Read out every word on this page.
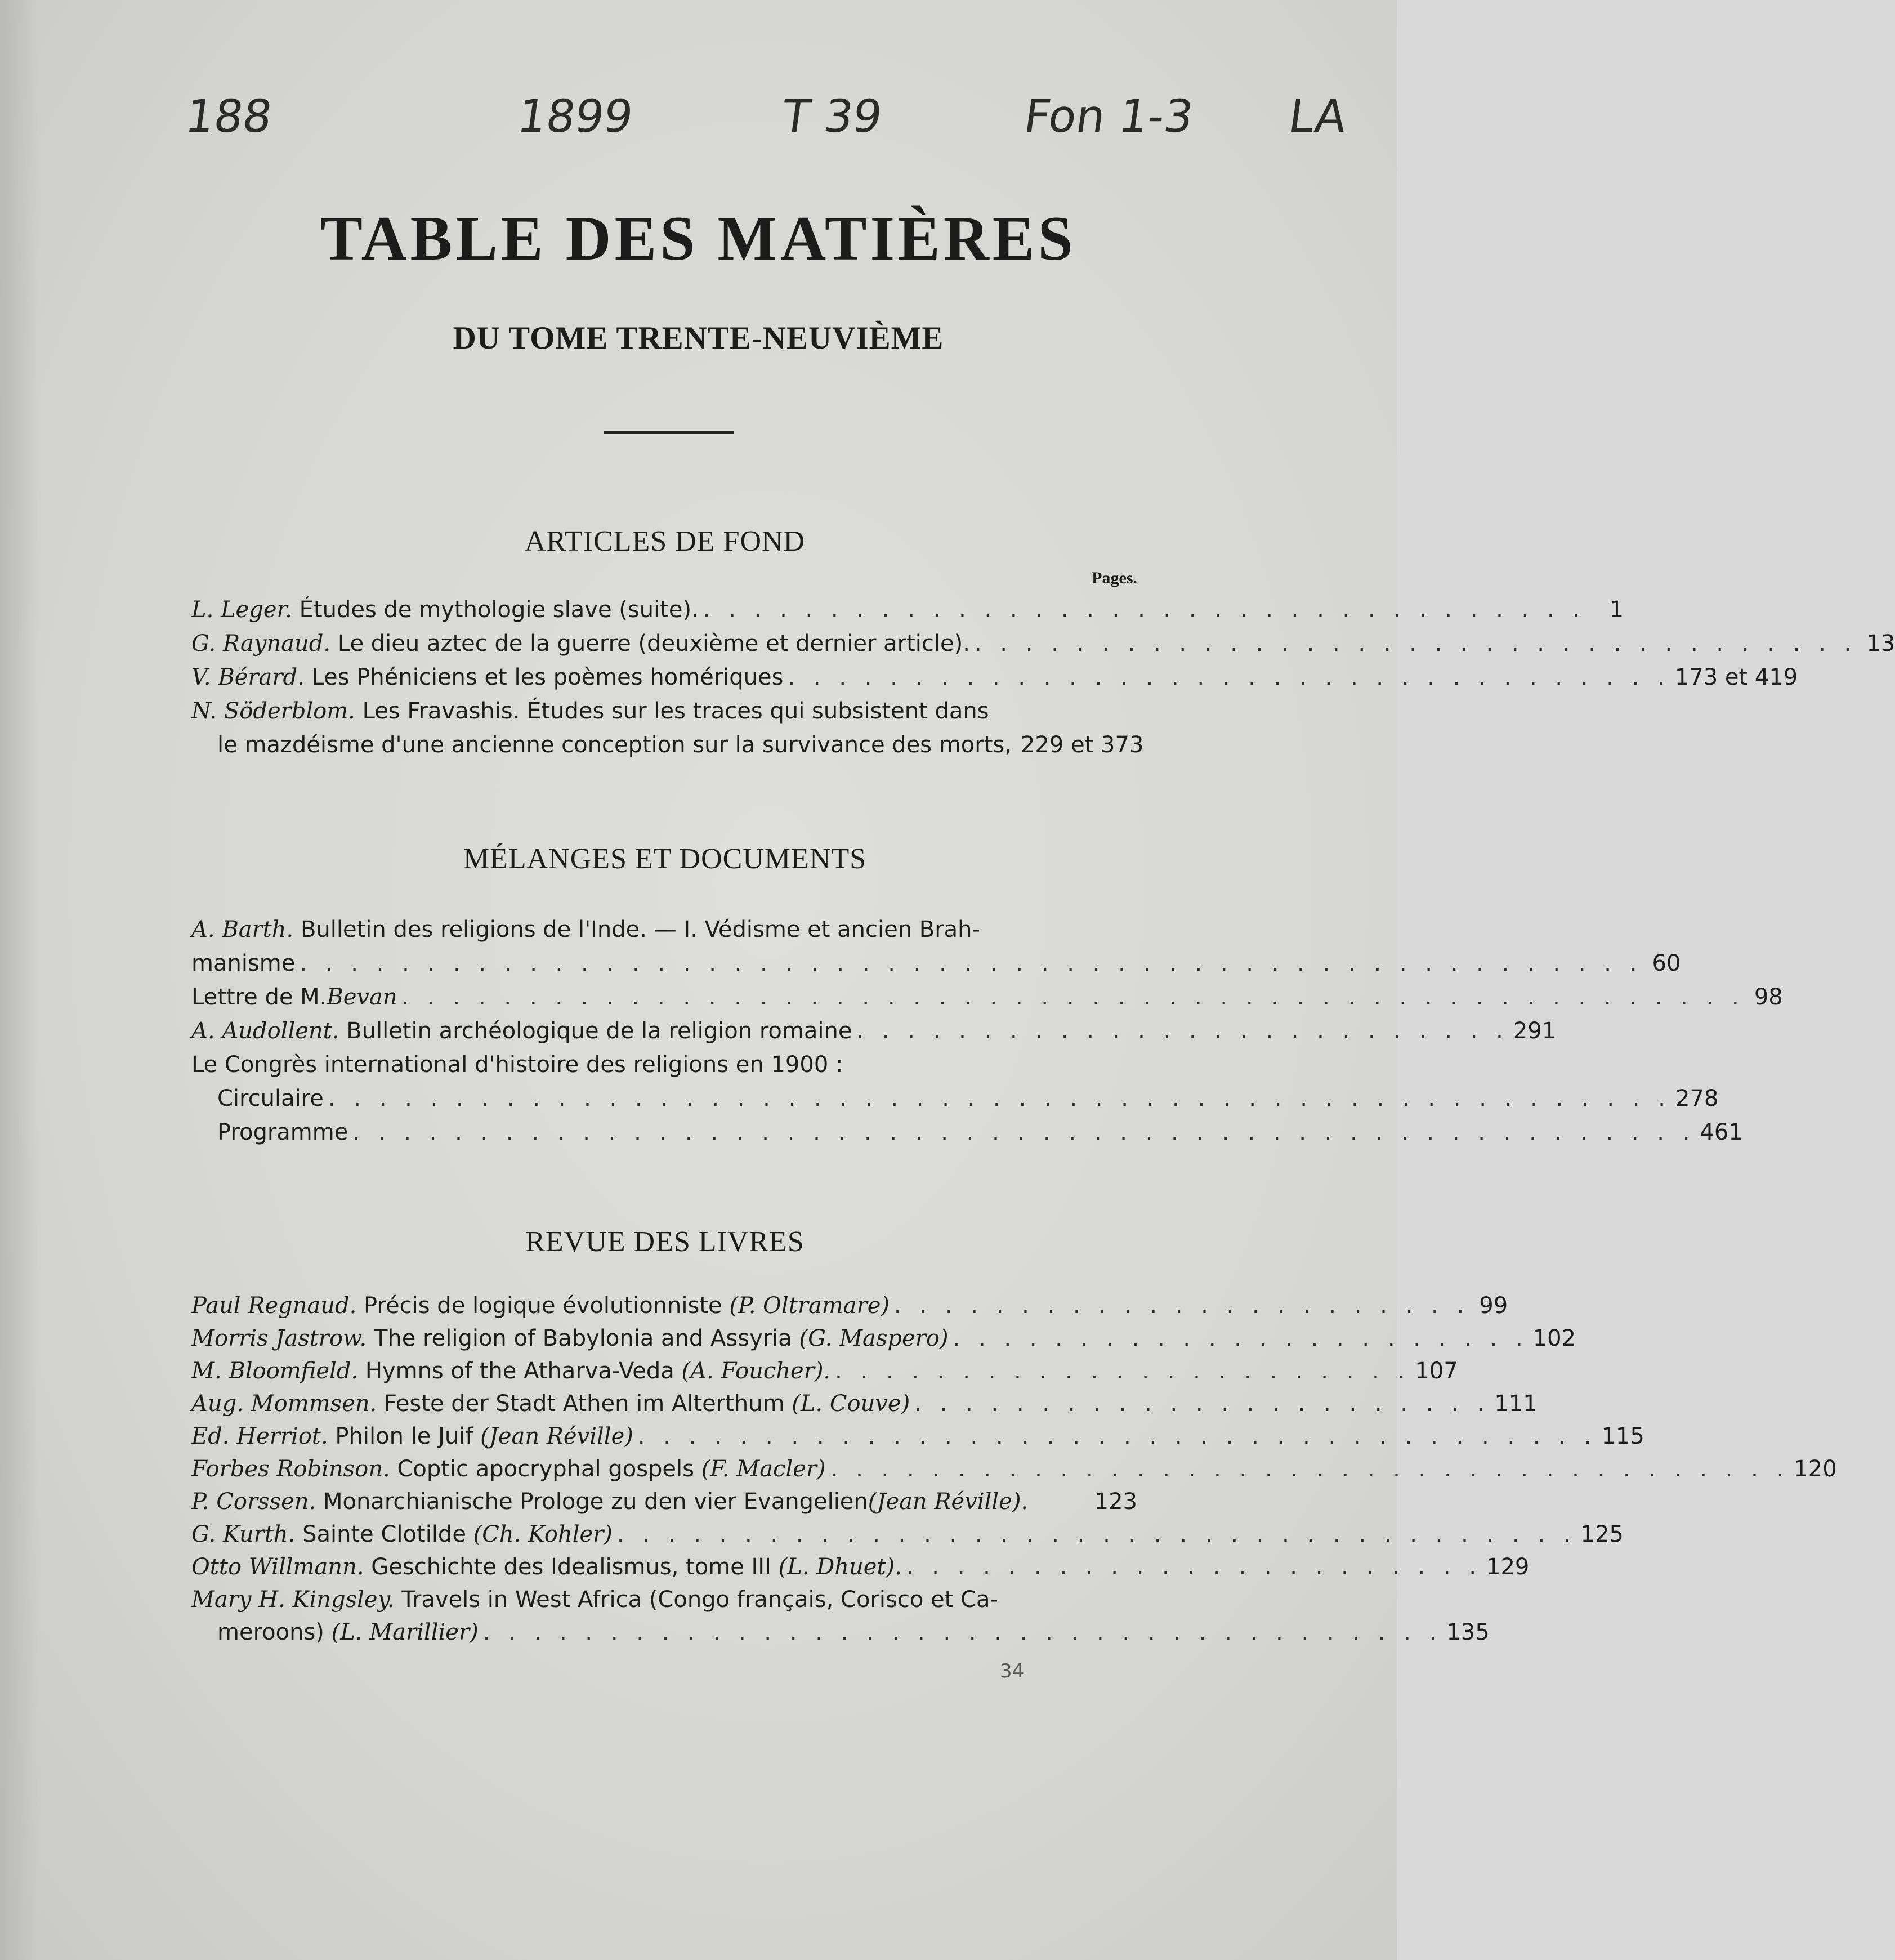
188	1899	T 39	Fon 1-3 LA
TABLE DES MATIÈRES
DU TOME TRENTE-NEUVIÈME
ARTICLES DE FOND
Pages.
L. Leger. Études de mythologie slave (suite). . . . . . . . . . . . . . . . . . . . . . . . . . . . . . . . . . . .	1
G. Raynaud. Le dieu aztec de la guerre (deuxième et dernier article). . . . . . . . . . . . . . . . . . . . . . . . . . . . . . . . . . . . 13
V. Bérard. Les Phéniciens et les poèmes homériques . . . . . . . . . . . . . . . . . . . . . . . . . . . . . . . . . . . 173 et 419
N. Söderblom. Les Fravashis. Études sur les traces qui subsistent dans
le mazdéisme d'une ancienne conception sur la survivance des morts, 229 et 373
MÉLANGES ET DOCUMENTS
A. Barth. Bulletin des religions de l'Inde. — I. Védisme et ancien Brah-
manisme . . . . . . . . . . . . . . . . . . . . . . . . . . . . . . . . . . . . . . . . . . . . . . . . . . . . . 60
Lettre de M.Bevan . . . . . . . . . . . . . . . . . . . . . . . . . . . . . . . . . . . . . . . . . . . . . . . . . . . . . 98
A. Audollent. Bulletin archéologique de la religion romaine . . . . . . . . . . . . . . . . . . . . . . . . . . 291
Le Congrès international d'histoire des religions en 1900 :
Circulaire . . . . . . . . . . . . . . . . . . . . . . . . . . . . . . . . . . . . . . . . . . . . . . . . . . . . . 278
Programme . . . . . . . . . . . . . . . . . . . . . . . . . . . . . . . . . . . . . . . . . . . . . . . . . . . . . 461
REVUE DES LIVRES
Paul Regnaud. Précis de logique évolutionniste (P. Oltramare) . . . . . . . . . . . . . . . . . . . . . . . 99
Morris Jastrow. The religion of Babylonia and Assyria (G. Maspero) . . . . . . . . . . . . . . . . . . . . . . . 102
M. Bloomfield. Hymns of the Atharva-Veda (A. Foucher). . . . . . . . . . . . . . . . . . . . . . . . 107
Aug. Mommsen. Feste der Stadt Athen im Alterthum (L. Couve) . . . . . . . . . . . . . . . . . . . . . . . 111
Ed. Herriot. Philon le Juif (Jean Réville) . . . . . . . . . . . . . . . . . . . . . . . . . . . . . . . . . . . . . . 115
Forbes Robinson. Coptic apocryphal gospels (F. Macler) . . . . . . . . . . . . . . . . . . . . . . . . . . . . . . . . . . . . . . 120
P. Corssen. Monarchianische Prologe zu den vier Evangelien(Jean Réville).	123
G. Kurth. Sainte Clotilde (Ch. Kohler) . . . . . . . . . . . . . . . . . . . . . . . . . . . . . . . . . . . . . . 125
Otto Willmann. Geschichte des Idealismus, tome III (L. Dhuet). . . . . . . . . . . . . . . . . . . . . . . . 129
Mary H. Kingsley. Travels in West Africa (Congo français, Corisco et Ca-
meroons) (L. Marillier) . . . . . . . . . . . . . . . . . . . . . . . . . . . . . . . . . . . . . . 135
34
